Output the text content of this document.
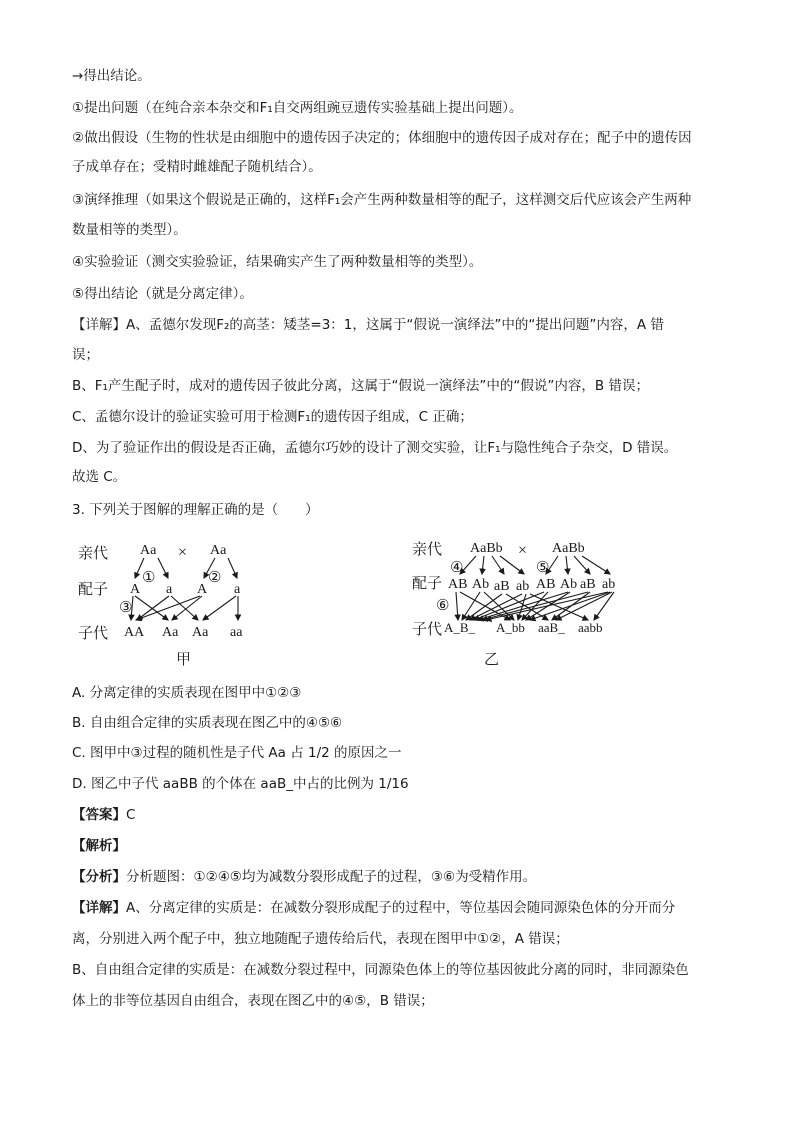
→得出结论。
①提出问题（在纯合亲本杂交和F₁自交两组豌豆遗传实验基础上提出问题）。
②做出假设（生物的性状是由细胞中的遗传因子决定的；体细胞中的遗传因子成对存在；配子中的遗传因
子成单存在；受精时雌雄配子随机结合）。
③演绎推理（如果这个假说是正确的，这样F₁会产生两种数量相等的配子，这样测交后代应该会产生两种
数量相等的类型）。
④实验验证（测交实验验证，结果确实产生了两种数量相等的类型）。
⑤得出结论（就是分离定律）。
【详解】A、孟德尔发现F₂的高茎：矮茎=3：1，这属于“假说一演绎法”中的“提出问题”内容，A 错
误；
B、F₁产生配子时，成对的遗传因子彼此分离，这属于“假说一演绎法”中的“假说”内容，B 错误；
C、孟德尔设计的验证实验可用于检测F₁的遗传因子组成，C 正确；
D、为了验证作出的假设是否正确，孟德尔巧妙的设计了测交实验，让F₁与隐性纯合子杂交，D 错误。
故选 C。
3. 下列关于图解的理解正确的是（　　）
亲代 Aa × Aa
①	②
配子 A a A a
③
子代 AA Aa Aa aa
甲
亲代 AaBb × AaBb
④	⑤
配子 AB Ab aB ab AB Ab aB ab
⑥
子代 A_B_ A_bb aaB_ aabb
乙
A. 分离定律的实质表现在图甲中①②③
B. 自由组合定律的实质表现在图乙中的④⑤⑥
C. 图甲中③过程的随机性是子代 Aa 占 1/2 的原因之一
D. 图乙中子代 aaBB 的个体在 aaB_中占的比例为 1/16
【答案】C
【解析】
【分析】分析题图：①②④⑤均为减数分裂形成配子的过程，③⑥为受精作用。
【详解】A、分离定律的实质是：在减数分裂形成配子的过程中，等位基因会随同源染色体的分开而分
离，分别进入两个配子中，独立地随配子遗传给后代，表现在图甲中①②，A 错误；
B、自由组合定律的实质是：在减数分裂过程中，同源染色体上的等位基因彼此分离的同时，非同源染色
体上的非等位基因自由组合，表现在图乙中的④⑤，B 错误；
